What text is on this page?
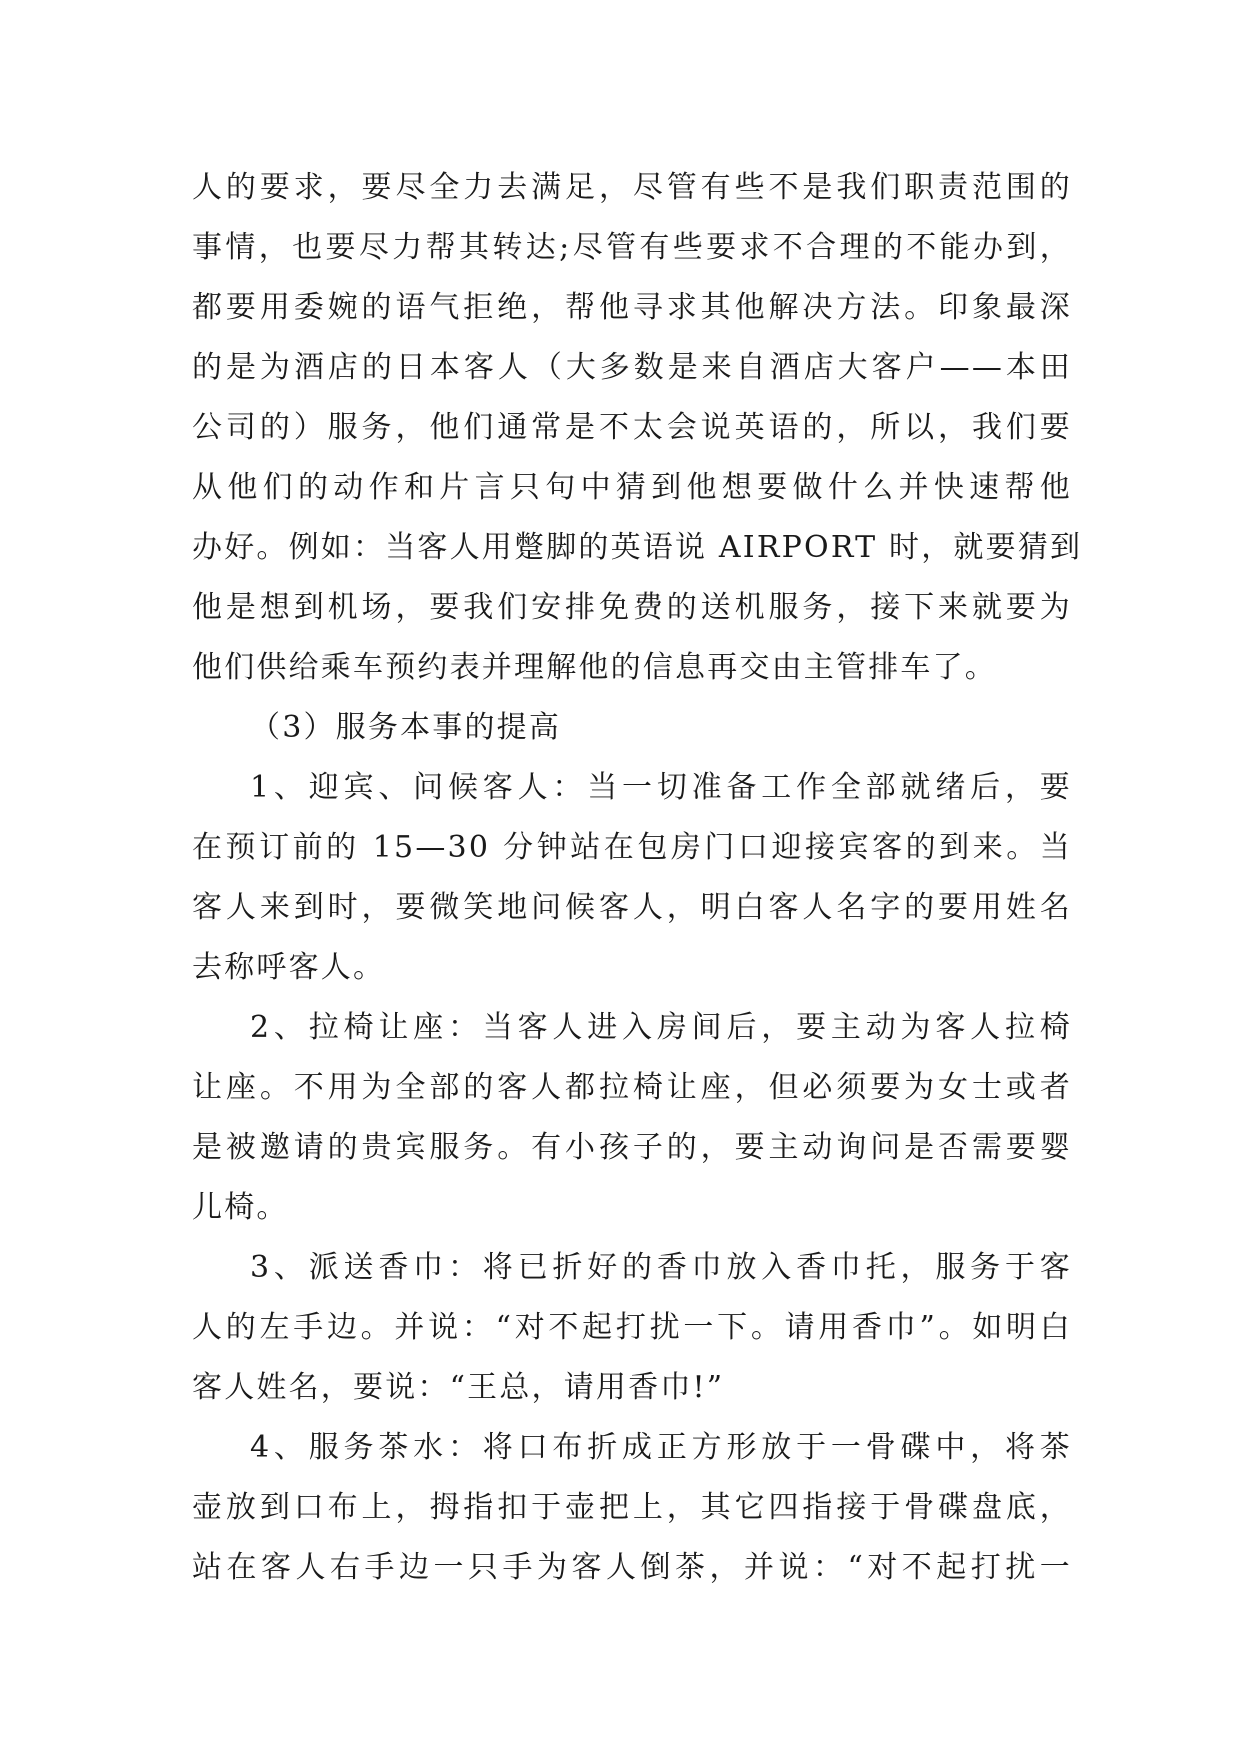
人的要求，要尽全力去满足，尽管有些不是我们职责范围的
事情，也要尽力帮其转达;尽管有些要求不合理的不能办到，
都要用委婉的语气拒绝，帮他寻求其他解决方法。印象最深
的是为酒店的日本客人（大多数是来自酒店大客户——本田
公司的）服务，他们通常是不太会说英语的，所以，我们要
从他们的动作和片言只句中猜到他想要做什么并快速帮他
办好。例如：当客人用蹩脚的英语说 AIRPORT 时，就要猜到
他是想到机场，要我们安排免费的送机服务，接下来就要为
他们供给乘车预约表并理解他的信息再交由主管排车了。
（3）服务本事的提高
1、迎宾、问候客人：当一切准备工作全部就绪后，要
在预订前的 15—30 分钟站在包房门口迎接宾客的到来。当
客人来到时，要微笑地问候客人，明白客人名字的要用姓名
去称呼客人。
2、拉椅让座：当客人进入房间后，要主动为客人拉椅
让座。不用为全部的客人都拉椅让座，但必须要为女士或者
是被邀请的贵宾服务。有小孩子的，要主动询问是否需要婴
儿椅。
3、派送香巾：将已折好的香巾放入香巾托，服务于客
人的左手边。并说：“对不起打扰一下。请用香巾”。如明白
客人姓名，要说：“王总，请用香巾!”
4、服务茶水：将口布折成正方形放于一骨碟中，将茶
壶放到口布上，拇指扣于壶把上，其它四指接于骨碟盘底，
站在客人右手边一只手为客人倒茶，并说：“对不起打扰一
